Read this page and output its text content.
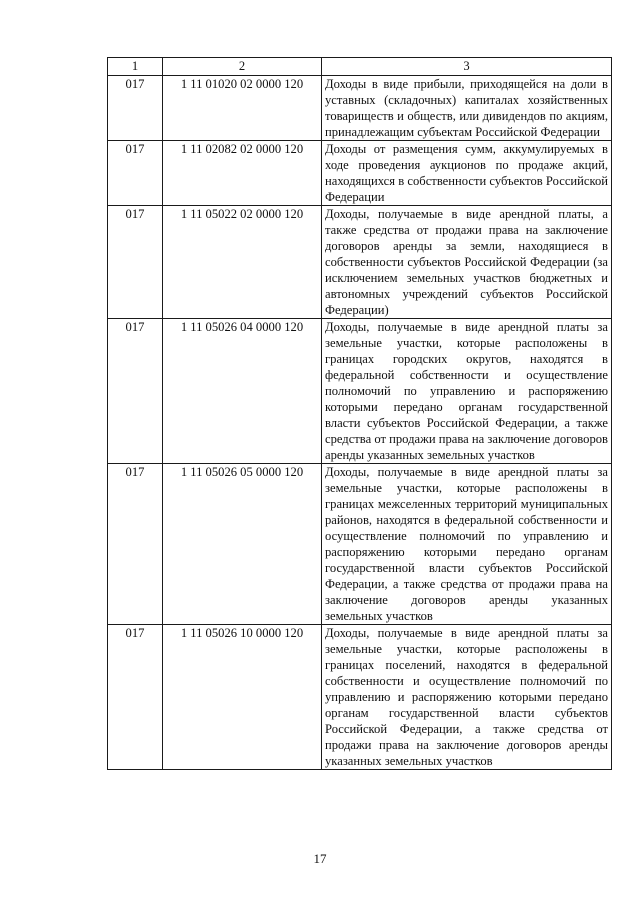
1	2	3
017	1 11 01020 02 0000 120	Доходы в виде прибыли, приходящейся на доли в уставных (складочных) капиталах хозяйственных товариществ и обществ, или дивидендов по акциям, принадлежащим субъектам Российской Федерации
017	1 11 02082 02 0000 120	Доходы от размещения сумм, аккумулируемых в ходе проведения аукционов по продаже акций, находящихся в собственности субъектов Российской Федерации
017	1 11 05022 02 0000 120	Доходы, получаемые в виде арендной платы, а также средства от продажи права на заключение договоров аренды за земли, находящиеся в собственности субъектов Российской Федерации (за исключением земельных участков бюджетных и автономных учреждений субъектов Российской Федерации)
017	1 11 05026 04 0000 120	Доходы, получаемые в виде арендной платы за земельные участки, которые расположены в границах городских округов, находятся в федеральной собственности и осуществление полномочий по управлению и распоряжению которыми передано органам государственной власти субъектов Российской Федерации, а также средства от продажи права на заключение договоров аренды указанных земельных участков
017	1 11 05026 05 0000 120	Доходы, получаемые в виде арендной платы за земельные участки, которые расположены в границах межселенных территорий муниципальных районов, находятся в федеральной собственности и осуществление полномочий по управлению и распоряжению которыми передано органам государственной власти субъектов Российской Федерации, а также средства от продажи права на заключение договоров аренды указанных земельных участков
017	1 11 05026 10 0000 120	Доходы, получаемые в виде арендной платы за земельные участки, которые расположены в границах поселений, находятся в федеральной собственности и осуществление полномочий по управлению и распоряжению которыми передано органам государственной власти субъектов Российской Федерации, а также средства от продажи права на заключение договоров аренды указанных земельных участков
17
